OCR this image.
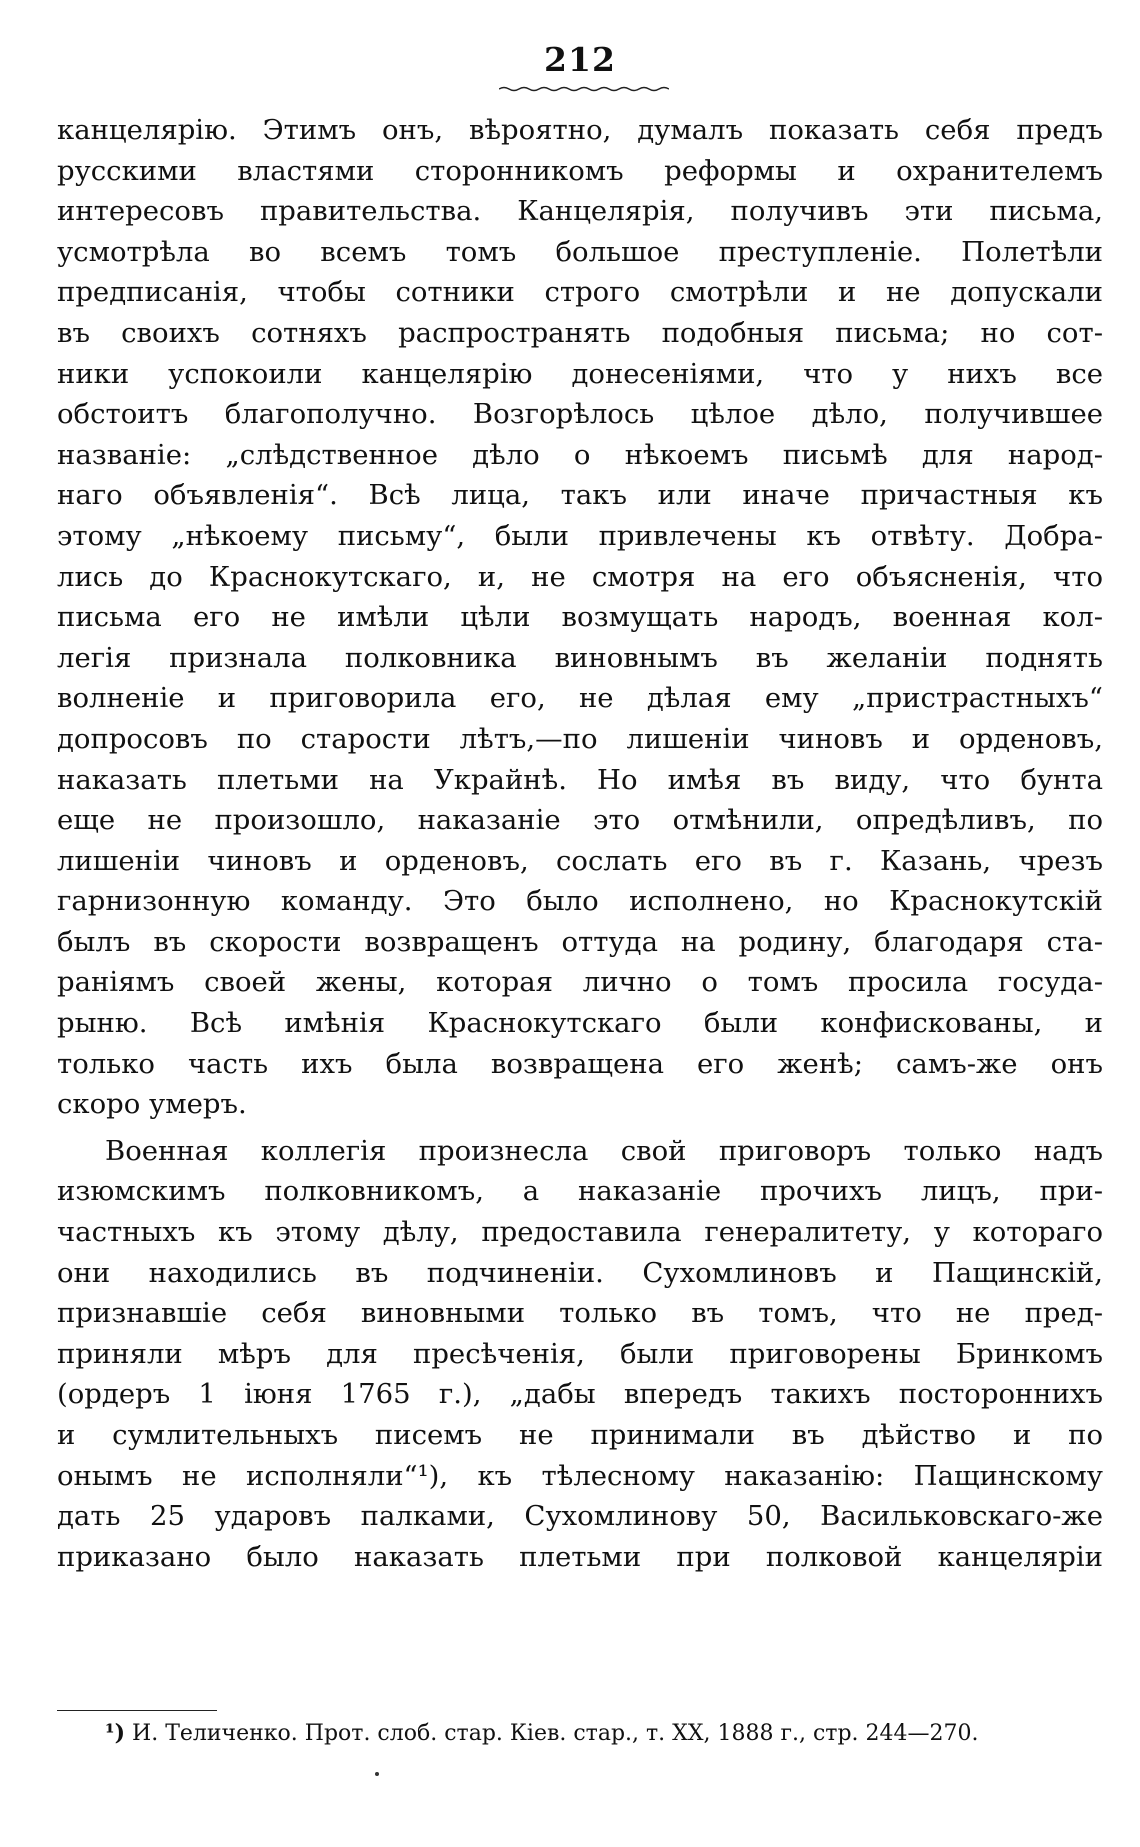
212
канцелярію. Этимъ онъ, вѣроятно, думалъ показать себя предъ
русскими властями сторонникомъ реформы и охранителемъ
интересовъ правительства. Канцелярія, получивъ эти письма,
усмотрѣла во всемъ томъ большое преступленіе. Полетѣли
предписанія, чтобы сотники строго смотрѣли и не допускали
въ своихъ сотняхъ распространять подобныя письма; но сот-
ники успокоили канцелярію донесеніями, что у нихъ все
обстоитъ благополучно. Возгорѣлось цѣлое дѣло, получившее
названіе: „слѣдственное дѣло о нѣкоемъ письмѣ для народ-
наго объявленія“. Всѣ лица, такъ или иначе причастныя къ
этому „нѣкоему письму“, были привлечены къ отвѣту. Добра-
лись до Краснокутскаго, и, не смотря на его объясненія, что
письма его не имѣли цѣли возмущать народъ, военная кол-
легія признала полковника виновнымъ въ желаніи поднять
волненіе и приговорила его, не дѣлая ему „пристрастныхъ“
допросовъ по старости лѣтъ,—по лишеніи чиновъ и орденовъ,
наказать плетьми на Украйнѣ. Но имѣя въ виду, что бунта
еще не произошло, наказаніе это отмѣнили, опредѣливъ, по
лишеніи чиновъ и орденовъ, сослать его въ г. Казань, чрезъ
гарнизонную команду. Это было исполнено, но Краснокутскій
былъ въ скорости возвращенъ оттуда на родину, благодаря ста-
раніямъ своей жены, которая лично о томъ просила госуда-
рыню. Всѣ имѣнія Краснокутскаго были конфискованы, и
только часть ихъ была возвращена его женѣ; самъ-же онъ
скоро умеръ.
Военная коллегія произнесла свой приговоръ только надъ
изюмскимъ полковникомъ, а наказаніе прочихъ лицъ, при-
частныхъ къ этому дѣлу, предоставила генералитету, у котораго
они находились въ подчиненіи. Сухомлиновъ и Пащинскій,
признавшіе себя виновными только въ томъ, что не пред-
приняли мѣръ для пресѣченія, были приговорены Бринкомъ
(ордеръ 1 іюня 1765 г.), „дабы впередъ такихъ постороннихъ
и сумлительныхъ писемъ не принимали въ дѣйство и по
онымъ не исполняли“¹), къ тѣлесному наказанію: Пащинскому
дать 25 ударовъ палками, Сухомлинову 50, Васильковскаго-же
приказано было наказать плетьми при полковой канцеляріи
¹) И. Теличенко. Прот. слоб. стар. Кіев. стар., т. XX, 1888 г., стр. 244—270.
